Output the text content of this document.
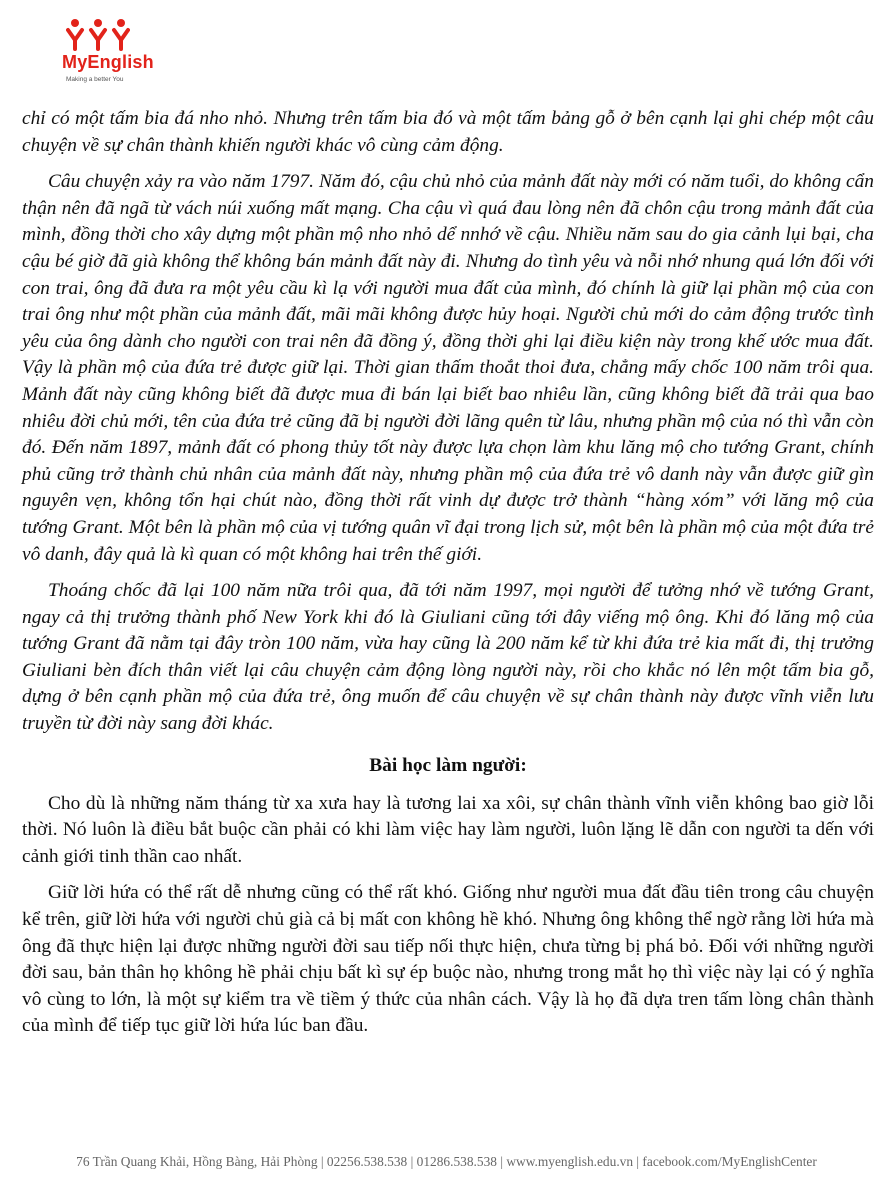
MyEnglish
Making a better You

chỉ có một tấm bia đá nho nhỏ. Nhưng trên tấm bia đó và một tấm bảng gỗ ở bên cạnh lại ghi chép một câu chuyện về sự chân thành khiến người khác vô cùng cảm động.

Câu chuyện xảy ra vào năm 1797. Năm đó, cậu chủ nhỏ của mảnh đất này mới có năm tuổi, do không cẩn thận nên đã ngã từ vách núi xuống mất mạng. Cha cậu vì quá đau lòng nên đã chôn cậu trong mảnh đất của mình, đồng thời cho xây dựng một phần mộ nho nhỏ dể nnhớ về cậu. Nhiều năm sau do gia cảnh lụi bại, cha cậu bé giờ đã già không thể không bán mảnh đất này đi. Nhưng do tình yêu và nỗi nhớ nhung quá lớn đối với con trai, ông đã đưa ra một yêu cầu kì lạ với người mua đất của mình, đó chính là giữ lại phần mộ của con trai ông như một phần của mảnh đất, mãi mãi không được hủy hoại. Người chủ mới do cảm động trước tình yêu của ông dành cho người con trai nên đã đồng ý, đồng thời ghi lại điều kiện này trong khế ước mua đất. Vậy là phần mộ của đứa trẻ được giữ lại. Thời gian thấm thoắt thoi đưa, chẳng mấy chốc 100 năm trôi qua. Mảnh đất này cũng không biết đã được mua đi bán lại biết bao nhiêu lần, cũng không biết đã trải qua bao nhiêu đời chủ mới, tên của đứa trẻ cũng đã bị người đời lãng quên từ lâu, nhưng phần mộ của nó thì vẫn còn đó. Đến năm 1897, mảnh đất có phong thủy tốt này được lựa chọn làm khu lăng mộ cho tướng Grant, chính phủ cũng trở thành chủ nhân của mảnh đất này, nhưng phần mộ của đứa trẻ vô danh này vẫn được giữ gìn nguyên vẹn, không tổn hại chút nào, đồng thời rất vinh dự được trở thành “hàng xóm” với lăng mộ của tướng Grant. Một bên là phần mộ của vị tướng quân vĩ đại trong lịch sử, một bên là phần mộ của một đứa trẻ vô danh, đây quả là kì quan có một không hai trên thế giới.

Thoáng chốc đã lại 100 năm nữa trôi qua, đã tới năm 1997, mọi người để tưởng nhớ về tướng Grant, ngay cả thị trưởng thành phố New York khi đó là Giuliani cũng tới đây viếng mộ ông. Khi đó lăng mộ của tướng Grant đã nằm tại đây tròn 100 năm, vừa hay cũng là 200 năm kể từ khi đứa trẻ kia mất đi, thị trưởng Giuliani bèn đích thân viết lại câu chuyện cảm động lòng người này, rồi cho khắc nó lên một tấm bia gỗ, dựng ở bên cạnh phần mộ của đứa trẻ, ông muốn để câu chuyện về sự chân thành này được vĩnh viễn lưu truyền từ đời này sang đời khác.

Bài học làm người:

Cho dù là những năm tháng từ xa xưa hay là tương lai xa xôi, sự chân thành vĩnh viễn không bao giờ lỗi thời. Nó luôn là điều bắt buộc cần phải có khi làm việc hay làm người, luôn lặng lẽ dẫn con người ta dến với cảnh giới tinh thần cao nhất.

Giữ lời hứa có thể rất dễ nhưng cũng có thể rất khó. Giống như người mua đất đầu tiên trong câu chuyện kể trên, giữ lời hứa với người chủ già cả bị mất con không hề khó. Nhưng ông không thể ngờ rằng lời hứa mà ông đã thực hiện lại được những người đời sau tiếp nối thực hiện, chưa từng bị phá bỏ. Đối với những người đời sau, bản thân họ không hề phải chịu bất kì sự ép buộc nào, nhưng trong mắt họ thì việc này lại có ý nghĩa vô cùng to lớn, là một sự kiểm tra về tiềm ý thức của nhân cách. Vậy là họ đã dựa tren tấm lòng chân thành của mình để tiếp tục giữ lời hứa lúc ban đầu.

76 Trần Quang Khải, Hồng Bàng, Hải Phòng | 02256.538.538 | 01286.538.538 | www.myenglish.edu.vn | facebook.com/MyEnglishCenter
